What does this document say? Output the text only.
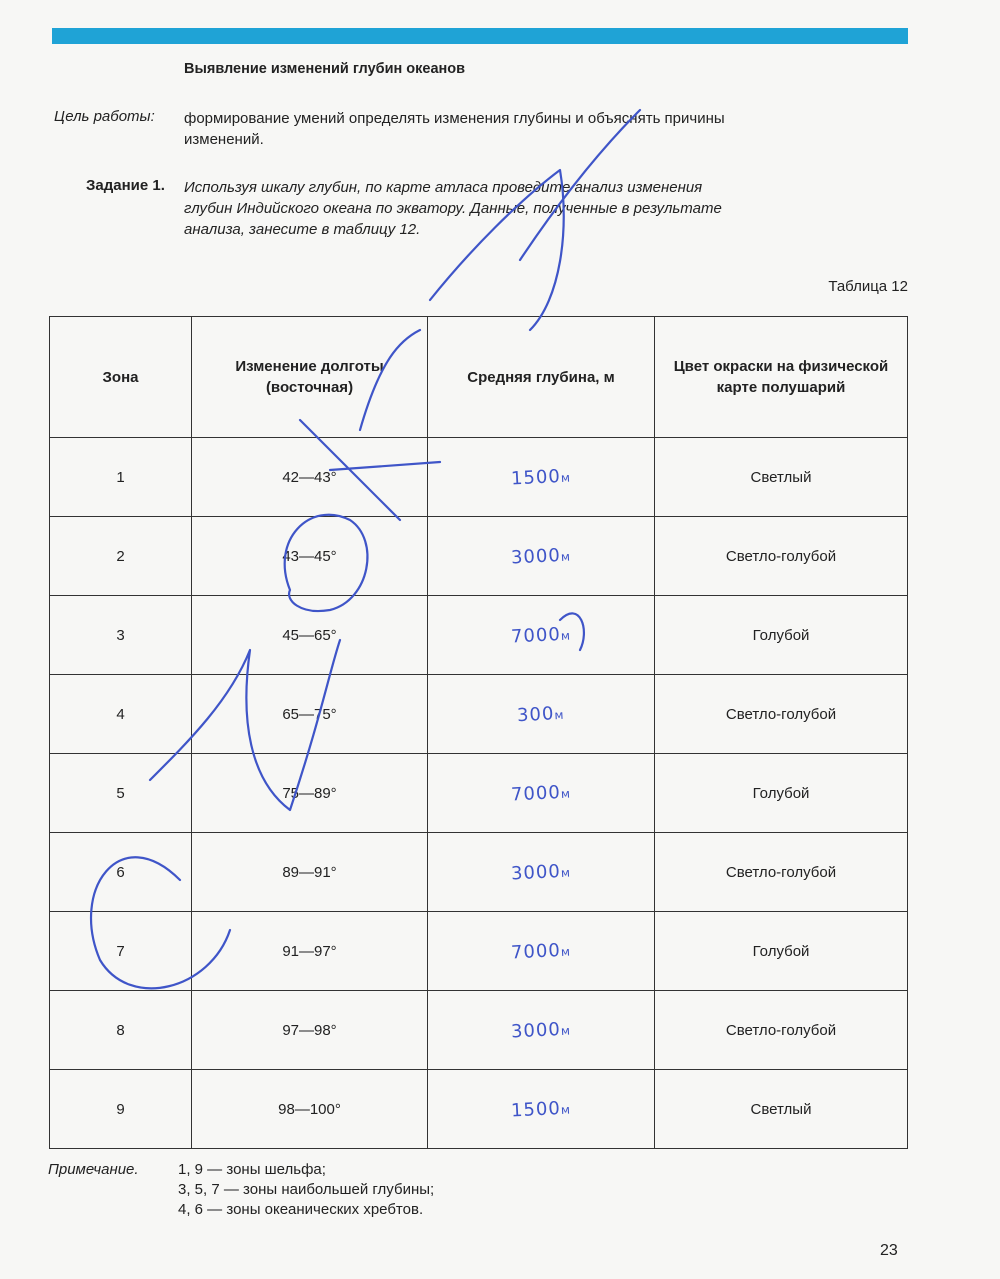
Выявление изменений глубин океанов
Цель работы: формирование умений определять изменения глубины и объяснять причины изменений.
Задание 1. Используя шкалу глубин, по карте атласа проведите анализ изменения глубин Индийского океана по экватору. Данные, полученные в результате анализа, занесите в таблицу 12.
Таблица 12
Зона	Изменение долготы (восточная)	Средняя глубина, м	Цвет окраски на физической карте полушарий
1	42—43°	1500м	Светлый
2	43—45°	3000м	Светло-голубой
3	45—65°	7000м	Голубой
4	65—75°	300м	Светло-голубой
5	75—89°	7000м	Голубой
6	89—91°	3000м	Светло-голубой
7	91—97°	7000м	Голубой
8	97—98°	3000м	Светло-голубой
9	98—100°	1500м	Светлый
Примечание.	1, 9 — зоны шельфа;
3, 5, 7 — зоны наибольшей глубины;
4, 6 — зоны океанических хребтов.
23
